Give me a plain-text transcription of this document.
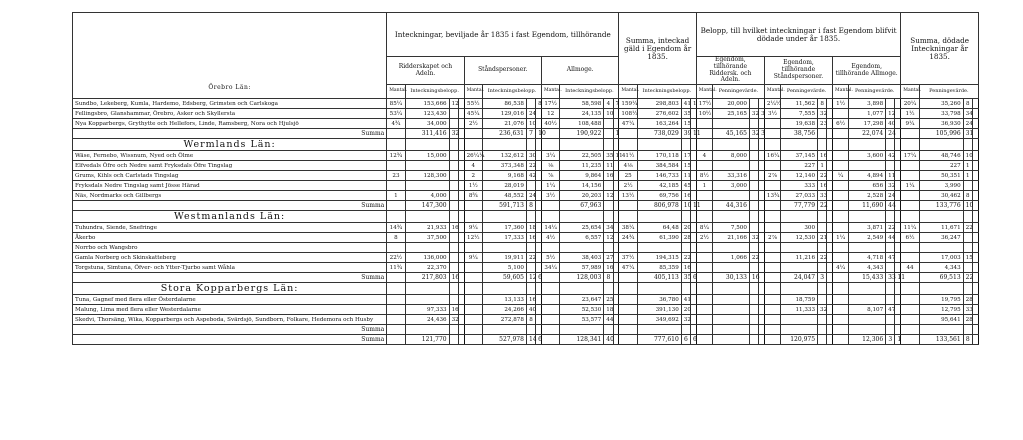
Örebro Län:	Inteckningar, beviljade år 1835 i fast Egendom, tillhörande												Summa, inteckad gäld i Egendom år 1835.				Belopp, till hvilket inteckningar i fast Egendom blifvit dödade under år 1835.												Summa, dödade Inteckningar år 1835.			
	Ridderskapet och Adeln.				Ståndspersoner.				Allmoge.								Egendom, tillhörande Riddersk. och Adeln.				Egendom, tillhörande Ståndspersoner.				Egendom, tillhörande Allmoge.							
	Mantal.	Inteckningsbelopp.			Mantal.	Inteckningsbelopp.			Mantal.	Inteckningsbelopp.			Mantal.	Inteckningsbelopp.			Mantal.	Penningevärde.			Mantal.	Penningevärde.			Mantal.	Penningevärde.			Mantal.	Penningevärde.		
Sundbo, Lekeberg, Kumla, Hardemo, Edsberg, Grimsten och Carlskoga	85¼	153,666	12		55½	86,538		8	17½	58,598	4	7	159¼	298,803	41	1	17½	20,000			2¼½	11,562	8		1½	3,898			20¼	35,260	8	
Fellingsbro, Glanshammar, Örebro, Asker och Skyllersta	53¼	123,430			45¼	129,016	24		12	24,135	10		108½	276,602	35		10½	25,165	32	3	3½	7,555	32			1,077	12		1½	33,798	34	
Nya Kopparbergs, Grythytte och Hellefors, Linde, Ramsberg, Nora och Hjulsjö	4¾	34,000			2½	21,076	10		40½	108,488			47¼	163,264	15							19,638	23		6½	17,298	40		9¼	36,930	24	
Summa		311,416	32			236,631	7	10		190,922		1		738,029	39	11		45,165	32	3		38,756				22,074	24			105,996	31	
Wermlands Län:																																
Wäse, Fernebo, Wissnum, Nyed och Ölme	12¾	15,000			26¼¼	132,612	30		3¼	22,505	35	11	41½	170,118	17		4	8,000			16¼	37,145	16			3,600	42		17¼	48,746	10	
Elfvedals Öfre och Nedre samt Fryksdals Öfre Tingslag					4	373,348	22		⅛	11,235	11		4⅛	384,584	15							227	1							227	1	
Grums, Kihls och Carlstads Tingslag	23	128,300			2	9,168	42		⅞	9,864	16		25	146,733	11		8½	33,316			2⅞	12,140	22		¼	4,894	11			50,351	1	
Fryksdals Nedre Tingslag samt Jösse Härad					1½	28,019			1¼	14,156			2½	42,185	45		1	3,000				333	16			656	32		1¼	3,990		
Näs, Nordmarks och Gillbergs	1	4,000			8¾	48,552	24		3½	20,203	12		13½	69,756	16						13¾	27,033	33			2,528	24			30,462	8	
Summa		147,300				591,713	8			67,963				806,978	10	11		44,316				77,779	22			11,690	44			133,776	10	
Westmanlands Län:																																
Tuhundra, Siende, Snefringe	14¾	21,933	16		9¼	17,360	18		14¼	25,654	34		38¼	64,48	20		8¼	7,500				300				3,871	22		11¼	11,671	22	
Åkerbo	8	37,500			12½	17,333	16		4½	6,557	12		24¾	61,390	28		2½	21,166	32		2⅞	12,530	21		1¼	2,549	44		6½	36,247		
Norrbo och Wangsbro																																
Gamla Norberg och Skinskatteberg	22½	136,000			9¼	19,911	22		5½	38,403	27		37½	194,315	22			1,066	22			11,216	22			4,718	47			17,003	15	
Torgstuna, Simtuna, Öfver- och Ytter-Tjurbo samt Wåhla	11¾	22,370				5,100			34¼	57,989	16		47¼	85,359	16										4¼	4,343			44	4,343		
Summa		217,803	16			59,605	12	6		128,003	8			405,113	35	6		30,133	16			24,047	3			15,433	33	11		69,513	22	
Stora Kopparbergs Län:																																
Tuna, Gagnef med flera eller Österdalarne						13,133	16			23,647	25			36,780	41							18,759								19,795	28	
Malung, Lima med flera eller Westerdalarne		97,333	16			24,266	40			52,530	18			391,130	20							11,333	32			8,107	47			12,795	33	
Skedvi, Thorsäng, Wika, Kopparbergs och Aspeboda, Svärdsjö, Sundborn, Folkare, Hedemora och Husby		24,436	32			272,878	8			53,577	44			349,692	32															95,641	28	
Summa																																
Summa		121,770				527,978	14	6		128,341	40			777,610	6	6						120,975				12,306	3	1		133,561	8	
